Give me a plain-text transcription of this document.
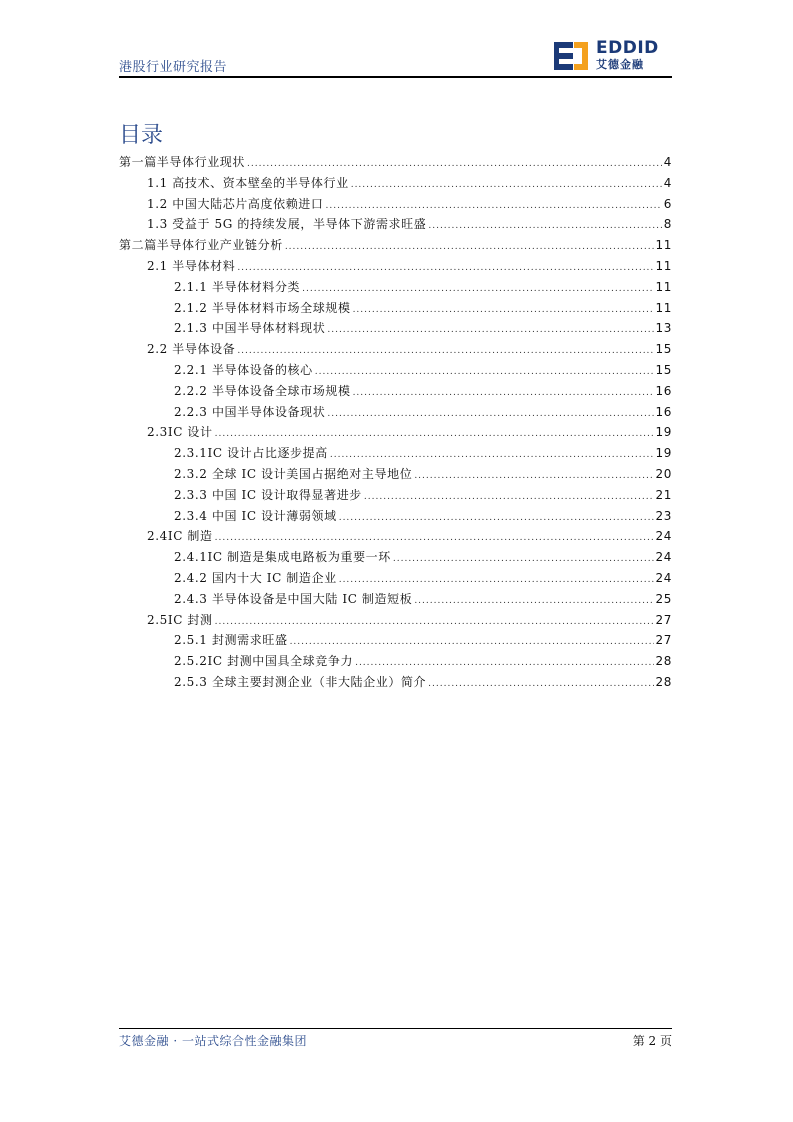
港股行业研究报告
EDDID
艾德金融
目录
第一篇半导体行业现状 .....	4
1.1 高技术、资本壁垒的半导体行业 .....	4
1.2 中国大陆芯片高度依赖进口 .....	6
1.3 受益于 5G 的持续发展，半导体下游需求旺盛 .....	8
第二篇半导体行业产业链分析 .....	11
2.1 半导体材料 .....	11
2.1.1 半导体材料分类 .....	11
2.1.2 半导体材料市场全球规模 .....	11
2.1.3 中国半导体材料现状 .....	13
2.2 半导体设备 .....	15
2.2.1 半导体设备的核心 .....	15
2.2.2 半导体设备全球市场规模 .....	16
2.2.3 中国半导体设备现状 .....	16
2.3IC 设计 .....	19
2.3.1IC 设计占比逐步提高 .....	19
2.3.2 全球 IC 设计美国占据绝对主导地位 .....	20
2.3.3 中国 IC 设计取得显著进步 .....	21
2.3.4 中国 IC 设计薄弱领域 .....	23
2.4IC 制造 .....	24
2.4.1IC 制造是集成电路板为重要一环 .....	24
2.4.2 国内十大 IC 制造企业 .....	24
2.4.3 半导体设备是中国大陆 IC 制造短板 .....	25
2.5IC 封测 .....	27
2.5.1 封测需求旺盛 .....	27
2.5.2IC 封测中国具全球竞争力 .....	28
2.5.3 全球主要封测企业（非大陆企业）简介 .....	28
艾德金融 · 一站式综合性金融集团	第 2 页
